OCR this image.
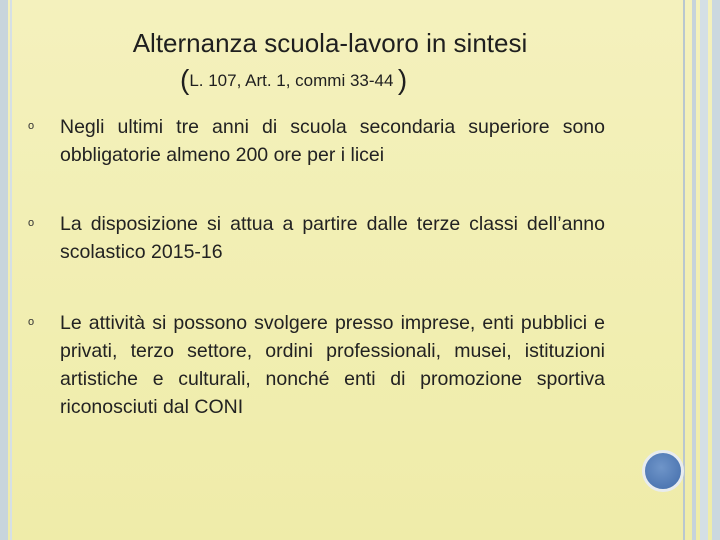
Alternanza scuola-lavoro in sintesi
(L. 107, Art. 1, commi 33-44 )
o Negli ultimi tre anni di scuola secondaria superiore sono obbligatorie almeno 200 ore per i licei
o La disposizione si attua a partire dalle terze classi dell’anno scolastico 2015-16
o Le attività si possono svolgere presso imprese, enti pubblici e privati, terzo settore, ordini professionali, musei, istituzioni artistiche e culturali, nonché enti di promozione sportiva riconosciuti dal CONI
